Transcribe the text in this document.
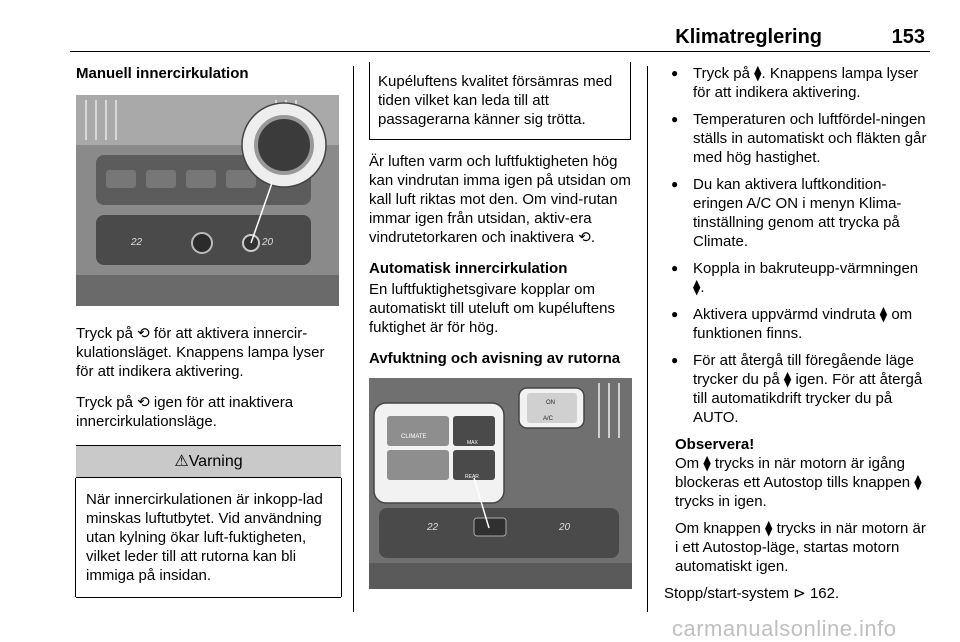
Klimatreglering	153
Manuell innercirkulation
22	20

Tryck på ⟲ för att aktivera innercir-kulationsläget. Knappens lampa lyser för att indikera aktivering.

Tryck på ⟲ igen för att inaktivera innercirkulationsläge.

⚠Varning
När innercirkulationen är inkopp-lad minskas luftutbytet. Vid användning utan kylning ökar luft-fuktigheten, vilket leder till att rutorna kan bli immiga på insidan.
Kupéluftens kvalitet försämras med tiden vilket kan leda till att passagerarna känner sig trötta.

Är luften varm och luftfuktigheten hög kan vindrutan imma igen på utsidan om kall luft riktas mot den. Om vind-rutan immar igen från utsidan, aktiv-era vindrutetorkaren och inaktivera ⟲.

Automatisk innercirkulation

En luftfuktighetsgivare kopplar om automatiskt till uteluft om kupéluftens fuktighet är för hög.

Avfuktning och avisning av rutorna
CLIMATE
MAX
REAR
ON
A/C
22	20
● Tryck på ⧫. Knappens lampa lyser för att indikera aktivering.
● Temperaturen och luftfördel-ningen ställs in automatiskt och fläkten går med hög hastighet.
● Du kan aktivera luftkondition-eringen A/C ON i menyn Klima-tinställning genom att trycka på Climate.
● Koppla in bakruteupp-värmningen ⧫.
● Aktivera uppvärmd vindruta ⧫ om funktionen finns.
● För att återgå till föregående läge trycker du på ⧫ igen. För att återgå till automatikdrift trycker du på AUTO.
Observera!
Om ⧫ trycks in när motorn är igång blockeras ett Autostop tills knappen ⧫ trycks in igen.
Om knappen ⧫ trycks in när motorn är i ett Autostop-läge, startas motorn automatiskt igen.
Stopp/start-system ⊳ 162.
carmanualsonline.info
